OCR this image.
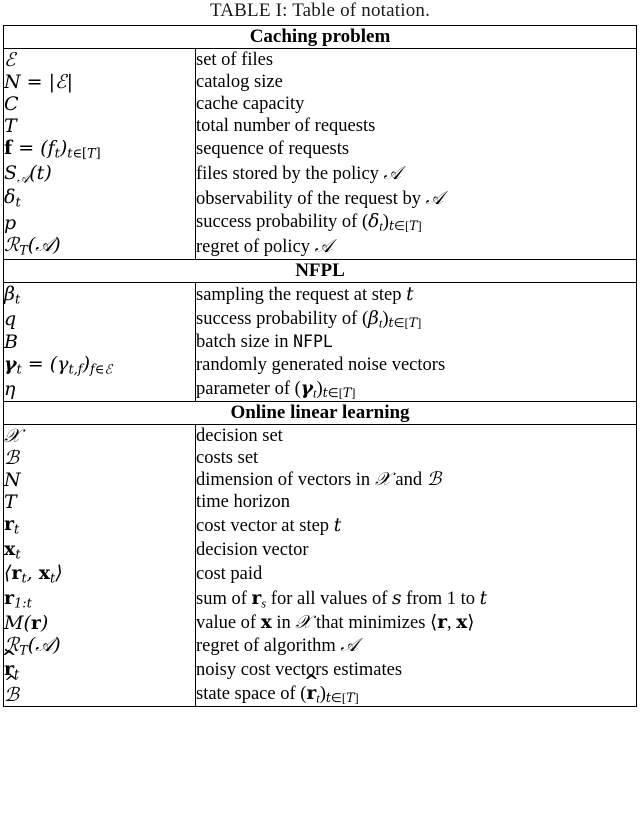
TABLE I: Table of notation.
Caching problem	
ℰ	set of files
N = |ℰ|	catalog size
C	cache capacity
T	total number of requests
$f = (f_t)_{t\in[T]}$	sequence of requests
$S_𝒜(t)$	files stored by the policy 𝒜
$\delta_t$	observability of the request by 𝒜
p	success probability of $(\delta_t)_{t\in[T]}$
ℛ$_T$(𝒜)	regret of policy 𝒜
NFPL	
$\beta_t$	sampling the request at step t
q	success probability of $(\beta_t)_{t\in[T]}$
B	batch size in NFPL
$\gamma_t = (\gamma_{t,f})_{f\in ℰ}$	randomly generated noise vectors
η	parameter of $(\gamma_t)_{t\in[T]}$
Online linear learning	
𝒳	decision set
ℬ	costs set
N	dimension of vectors in 𝒳 and ℬ
T	time horizon
$r_t$	cost vector at step t
$x_t$	decision vector
$⟨r_t$, $x_t⟩$	cost paid
$r_{1:t}$	sum of $r_s$ for all values of s from 1 to t
M(r)	value of x in 𝒳 that minimizes ⟨r, x⟩
ℛ$_T$(𝒜)	regret of algorithm 𝒜
r $\^{}_t$	noisy cost vectors estimates
ℬ ^	state space of (r $\^{}_t)_{t\in[T]}$
